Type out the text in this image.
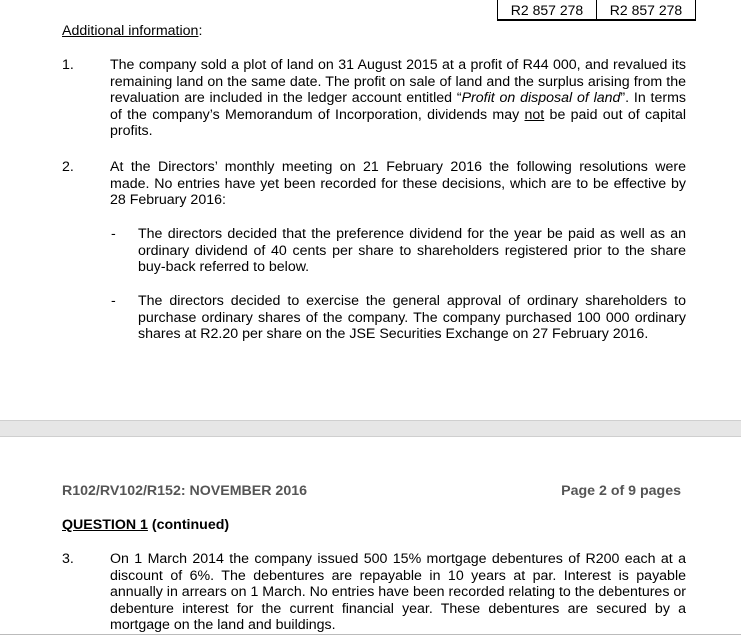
R2 857 278	R2 857 278
Additional information:
1.	The company sold a plot of land on 31 August 2015 at a profit of R44 000, and revalued its remaining land on the same date. The profit on sale of land and the surplus arising from the revaluation are included in the ledger account entitled “Profit on disposal of land”. In terms of the company’s Memorandum of Incorporation, dividends may not be paid out of capital profits.
2.	At the Directors’ monthly meeting on 21 February 2016 the following resolutions were made. No entries have yet been recorded for these decisions, which are to be effective by 28 February 2016:
- The directors decided that the preference dividend for the year be paid as well as an ordinary dividend of 40 cents per share to shareholders registered prior to the share buy-back referred to below.
- The directors decided to exercise the general approval of ordinary shareholders to purchase ordinary shares of the company. The company purchased 100 000 ordinary shares at R2.20 per share on the JSE Securities Exchange on 27 February 2016.
R102/RV102/R152: NOVEMBER 2016	Page 2 of 9 pages
QUESTION 1 (continued)
3.	On 1 March 2014 the company issued 500 15% mortgage debentures of R200 each at a discount of 6%. The debentures are repayable in 10 years at par. Interest is payable annually in arrears on 1 March. No entries have been recorded relating to the debentures or debenture interest for the current financial year. These debentures are secured by a mortgage on the land and buildings.
